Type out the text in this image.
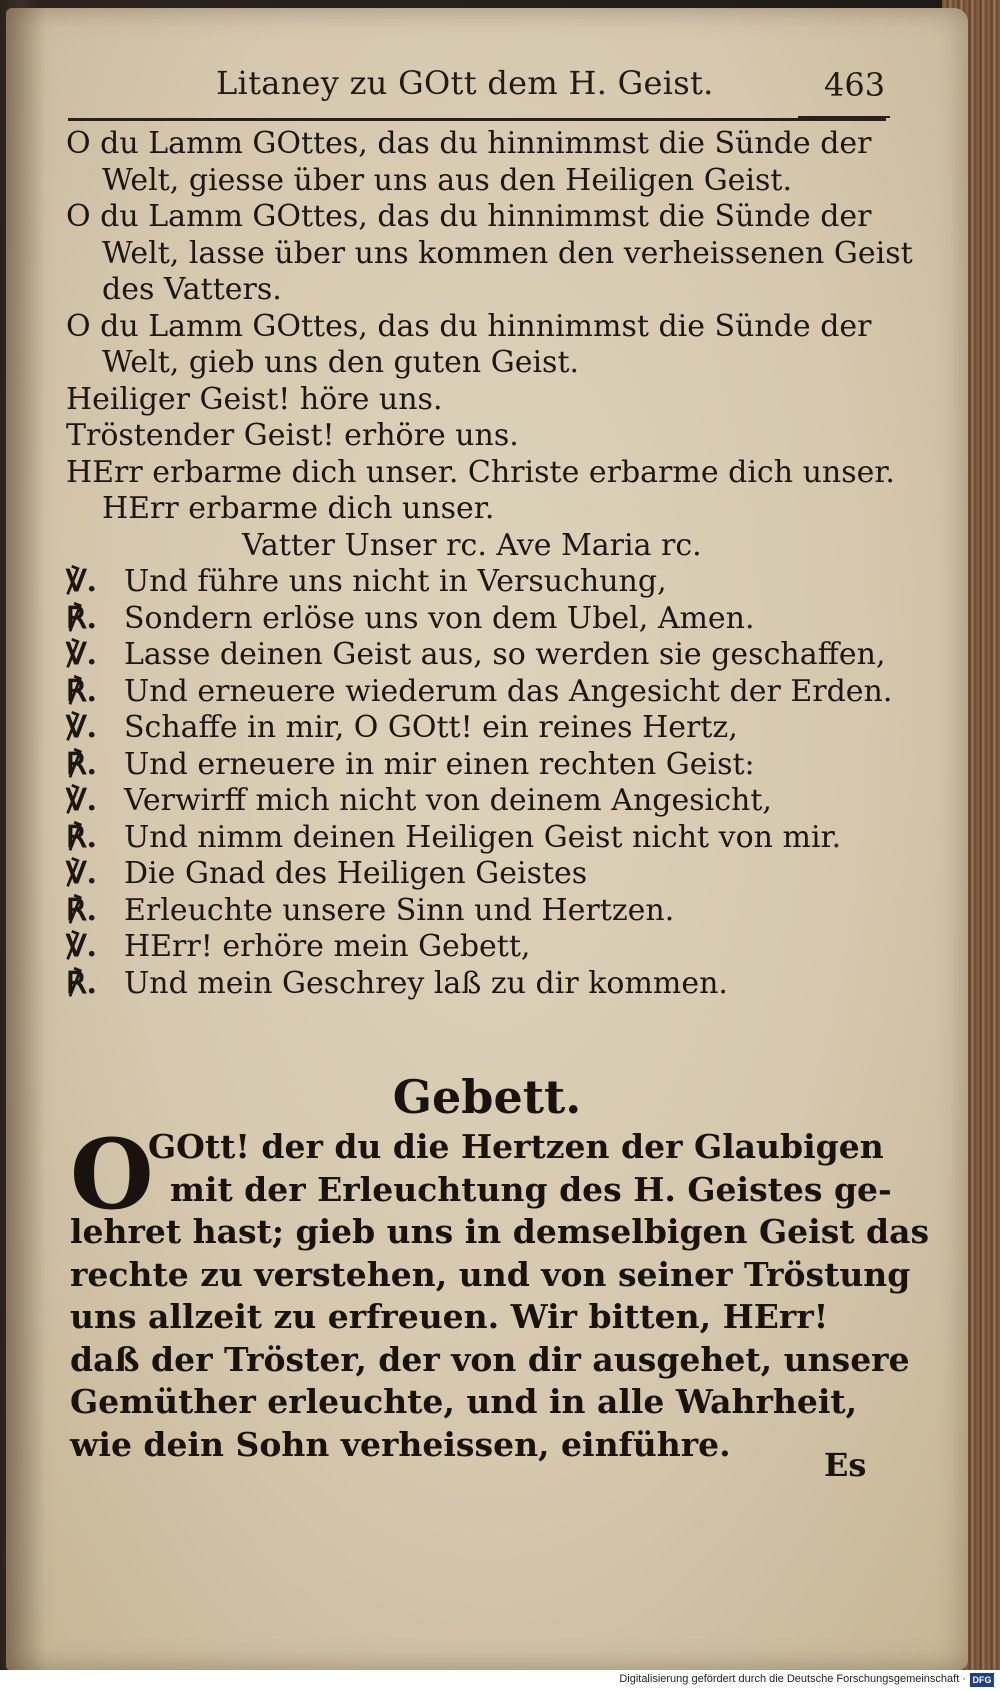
Litaney zu GOtt dem H. Geist.	463
O du Lamm GOttes, das du hinnimmst die Sünde der
Welt, giesse über uns aus den Heiligen Geist.
O du Lamm GOttes, das du hinnimmst die Sünde der
Welt, lasse über uns kommen den verheissenen Geist
des Vatters.
O du Lamm GOttes, das du hinnimmst die Sünde der
Welt, gieb uns den guten Geist.
Heiliger Geist! höre uns.
Tröstender Geist! erhöre uns.
HErr erbarme dich unser. Christe erbarme dich unser.
HErr erbarme dich unser.
Vatter Unser rc. Ave Maria rc.
℣. Und führe uns nicht in Versuchung,
℟. Sondern erlöse uns von dem Ubel, Amen.
℣. Lasse deinen Geist aus, so werden sie geschaffen,
℟. Und erneuere wiederum das Angesicht der Erden.
℣. Schaffe in mir, O GOtt! ein reines Hertz,
℟. Und erneuere in mir einen rechten Geist:
℣. Verwirff mich nicht von deinem Angesicht,
℟. Und nimm deinen Heiligen Geist nicht von mir.
℣. Die Gnad des Heiligen Geistes
℟. Erleuchte unsere Sinn und Hertzen.
℣. HErr! erhöre mein Gebett,
℟. Und mein Geschrey laß zu dir kommen.
Gebett.
O
GOtt! der du die Hertzen der Glaubigen
mit der Erleuchtung des H. Geistes ge-
lehret hast; gieb uns in demselbigen Geist das
rechte zu verstehen, und von seiner Tröstung
uns allzeit zu erfreuen. Wir bitten, HErr!
daß der Tröster, der von dir ausgehet, unsere
Gemüther erleuchte, und in alle Wahrheit,
wie dein Sohn verheissen, einführe.
Es
Digitalisierung gefördert durch die Deutsche Forschungsgemeinschaft · DFG
